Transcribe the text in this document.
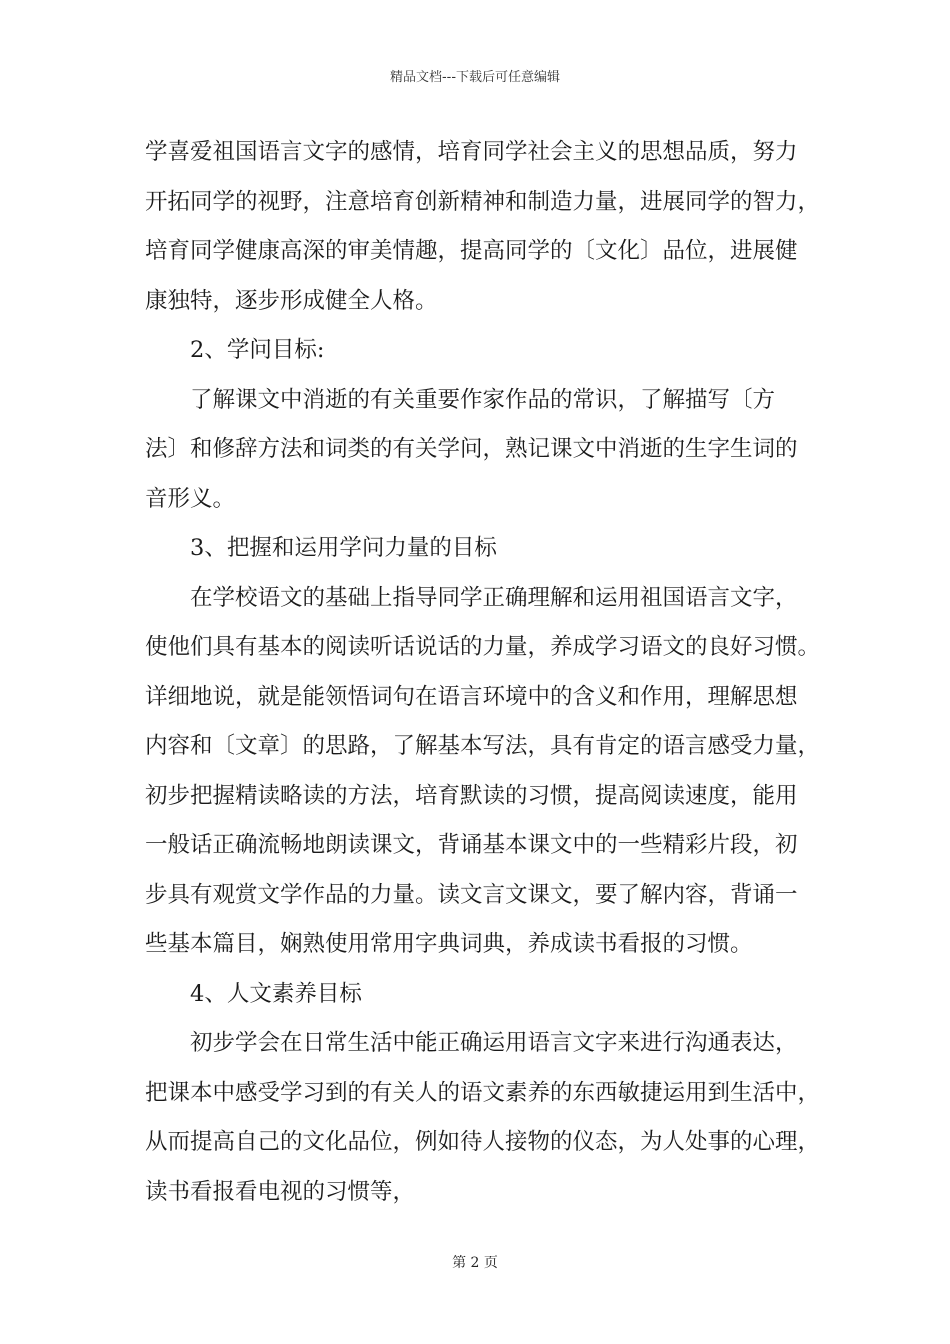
精品文档---下载后可任意编辑
学喜爱祖国语言文字的感情，培育同学社会主义的思想品质，努力
开拓同学的视野，注意培育创新精神和制造力量，进展同学的智力，
培育同学健康高深的审美情趣，提高同学的〔文化〕品位，进展健
康独特，逐步形成健全人格。
2、学问目标:
了解课文中消逝的有关重要作家作品的常识，了解描写〔方
法〕和修辞方法和词类的有关学问，熟记课文中消逝的生字生词的
音形义。
3、把握和运用学问力量的目标
在学校语文的基础上指导同学正确理解和运用祖国语言文字，
使他们具有基本的阅读听话说话的力量，养成学习语文的良好习惯。
详细地说，就是能领悟词句在语言环境中的含义和作用，理解思想
内容和〔文章〕的思路，了解基本写法，具有肯定的语言感受力量，
初步把握精读略读的方法，培育默读的习惯，提高阅读速度，能用
一般话正确流畅地朗读课文，背诵基本课文中的一些精彩片段，初
步具有观赏文学作品的力量。读文言文课文，要了解内容，背诵一
些基本篇目，娴熟使用常用字典词典，养成读书看报的习惯。
4、人文素养目标
初步学会在日常生活中能正确运用语言文字来进行沟通表达，
把课本中感受学习到的有关人的语文素养的东西敏捷运用到生活中，
从而提高自己的文化品位，例如待人接物的仪态，为人处事的心理，
读书看报看电视的习惯等，
第 2 页
